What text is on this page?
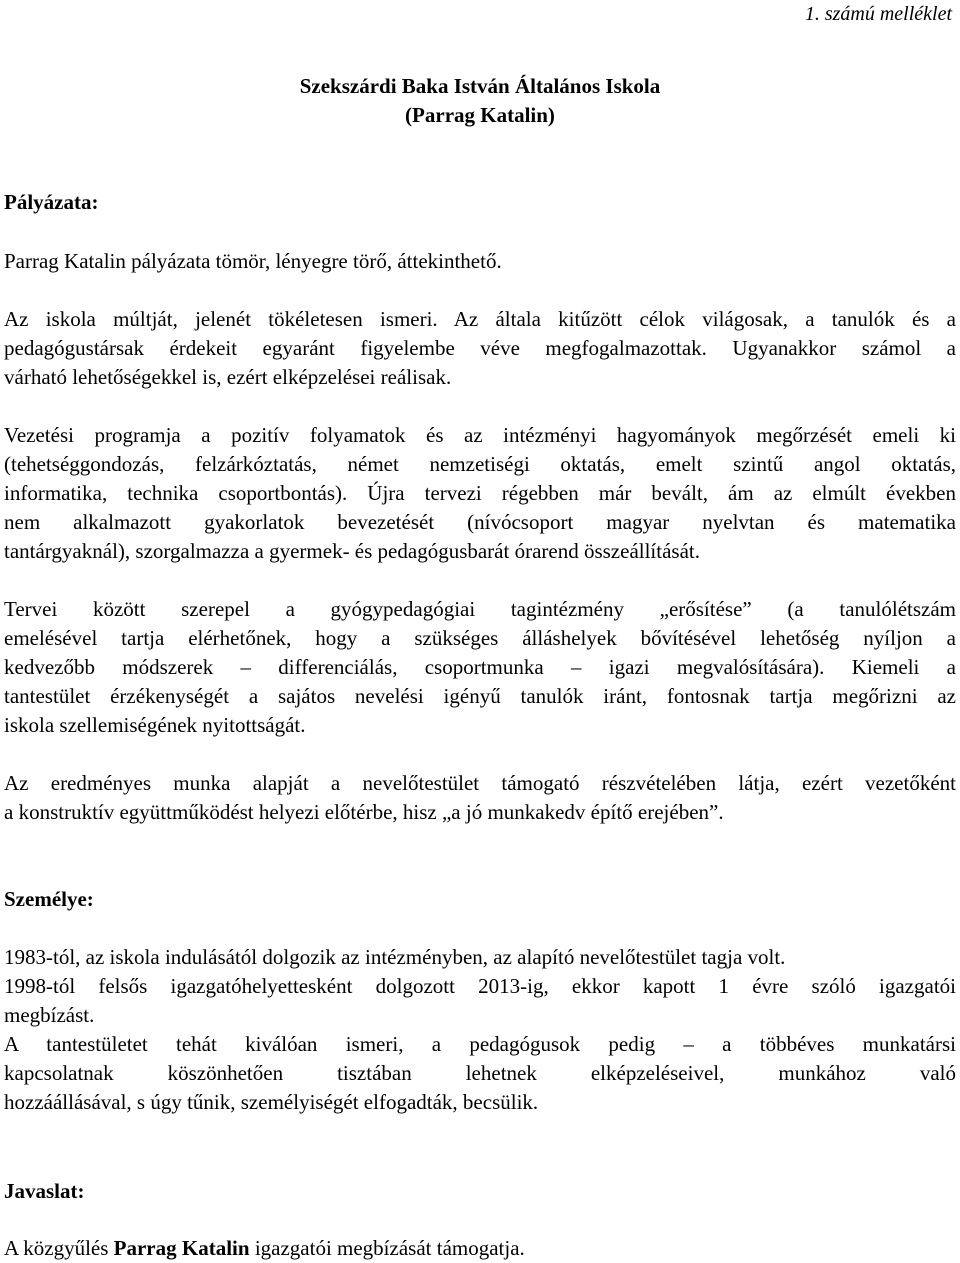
1. számú melléklet
Szekszárdi Baka István Általános Iskola
(Parrag Katalin)
Pályázata:
Parrag Katalin pályázata tömör, lényegre törő, áttekinthető.
Az iskola múltját, jelenét tökéletesen ismeri. Az általa kitűzött célok világosak, a tanulók és a
pedagógustársak érdekeit egyaránt figyelembe véve megfogalmazottak. Ugyanakkor számol a
várható lehetőségekkel is, ezért elképzelései reálisak.
Vezetési programja a pozitív folyamatok és az intézményi hagyományok megőrzését emeli ki
(tehetséggondozás, felzárkóztatás, német nemzetiségi oktatás, emelt szintű angol oktatás,
informatika, technika csoportbontás). Újra tervezi régebben már bevált, ám az elmúlt években
nem alkalmazott gyakorlatok bevezetését (nívócsoport magyar nyelvtan és matematika
tantárgyaknál), szorgalmazza a gyermek- és pedagógusbarát órarend összeállítását.
Tervei között szerepel a gyógypedagógiai tagintézmény „erősítése” (a tanulólétszám
emelésével tartja elérhetőnek, hogy a szükséges álláshelyek bővítésével lehetőség nyíljon a
kedvezőbb módszerek – differenciálás, csoportmunka – igazi megvalósítására). Kiemeli a
tantestület érzékenységét a sajátos nevelési igényű tanulók iránt, fontosnak tartja megőrizni az
iskola szellemiségének nyitottságát.
Az eredményes munka alapját a nevelőtestület támogató részvételében látja, ezért vezetőként
a konstruktív együttműködést helyezi előtérbe, hisz „a jó munkakedv építő erejében”.
Személye:
1983-tól, az iskola indulásától dolgozik az intézményben, az alapító nevelőtestület tagja volt.
1998-tól felsős igazgatóhelyettesként dolgozott 2013-ig, ekkor kapott 1 évre szóló igazgatói
megbízást.
A tantestületet tehát kiválóan ismeri, a pedagógusok pedig – a többéves munkatársi
kapcsolatnak köszönhetően tisztában lehetnek elképzeléseivel, munkához való
hozzáállásával, s úgy tűnik, személyiségét elfogadták, becsülik.
Javaslat:
A közgyűlés Parrag Katalin igazgatói megbízását támogatja.
